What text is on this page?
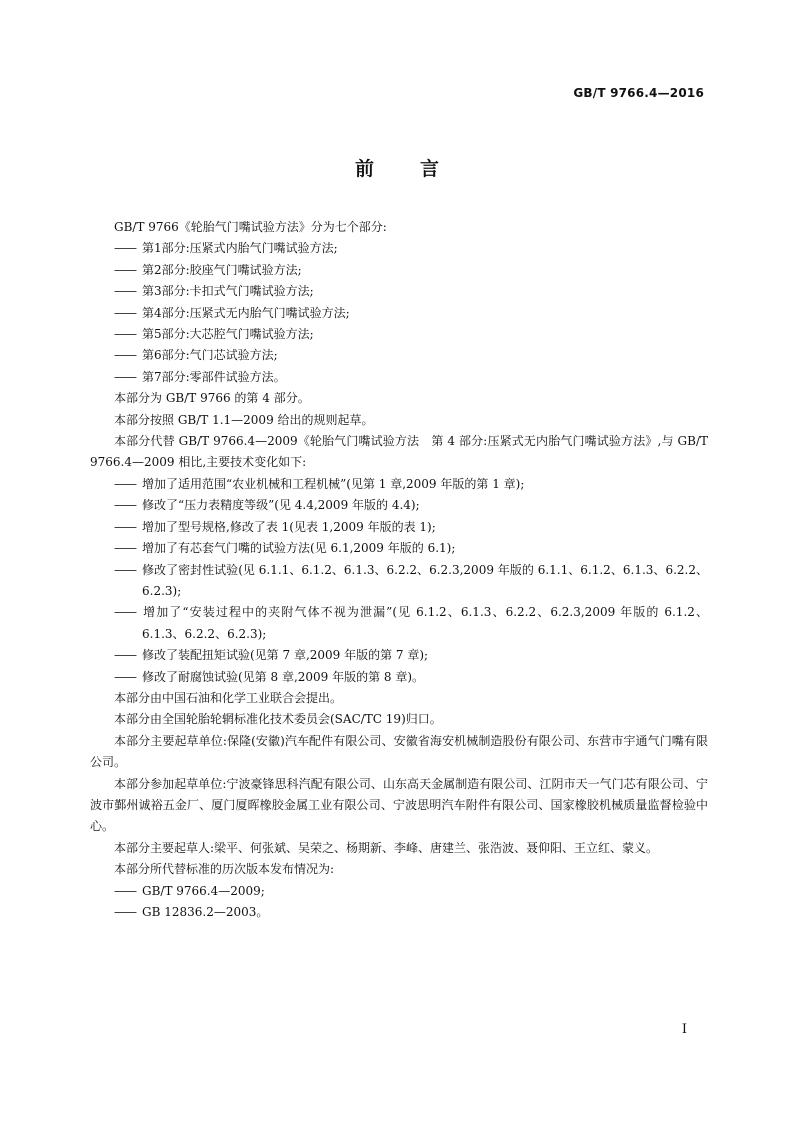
GB/T 9766.4—2016
前言
GB/T 9766《轮胎气门嘴试验方法》分为七个部分:
—— 第1部分:压紧式内胎气门嘴试验方法;
—— 第2部分:胶座气门嘴试验方法;
—— 第3部分:卡扣式气门嘴试验方法;
—— 第4部分:压紧式无内胎气门嘴试验方法;
—— 第5部分:大芯腔气门嘴试验方法;
—— 第6部分:气门芯试验方法;
—— 第7部分:零部件试验方法。
本部分为 GB/T 9766 的第 4 部分。
本部分按照 GB/T 1.1—2009 给出的规则起草。
本部分代替 GB/T 9766.4—2009《轮胎气门嘴试验方法　第 4 部分:压紧式无内胎气门嘴试验方法》,与 GB/T 9766.4—2009 相比,主要技术变化如下:
—— 增加了适用范围“农业机械和工程机械”(见第 1 章,2009 年版的第 1 章);
—— 修改了“压力表精度等级”(见 4.4,2009 年版的 4.4);
—— 增加了型号规格,修改了表 1(见表 1,2009 年版的表 1);
—— 增加了有芯套气门嘴的试验方法(见 6.1,2009 年版的 6.1);
—— 修改了密封性试验(见 6.1.1、6.1.2、6.1.3、6.2.2、6.2.3,2009 年版的 6.1.1、6.1.2、6.1.3、6.2.2、6.2.3);
—— 增加了“安装过程中的夹附气体不视为泄漏”(见 6.1.2、6.1.3、6.2.2、6.2.3,2009 年版的 6.1.2、6.1.3、6.2.2、6.2.3);
—— 修改了装配扭矩试验(见第 7 章,2009 年版的第 7 章);
—— 修改了耐腐蚀试验(见第 8 章,2009 年版的第 8 章)。
本部分由中国石油和化学工业联合会提出。
本部分由全国轮胎轮辋标准化技术委员会(SAC/TC 19)归口。
本部分主要起草单位:保隆(安徽)汽车配件有限公司、安徽省海安机械制造股份有限公司、东营市宇通气门嘴有限公司。
本部分参加起草单位:宁波豪锋思科汽配有限公司、山东高天金属制造有限公司、江阴市天一气门芯有限公司、宁波市鄞州诚裕五金厂、厦门厦晖橡胶金属工业有限公司、宁波思明汽车附件有限公司、国家橡胶机械质量监督检验中心。
本部分主要起草人:梁平、何张斌、吴荣之、杨期新、李峰、唐建兰、张浩波、聂仰阳、王立红、蒙义。
本部分所代替标准的历次版本发布情况为:
—— GB/T 9766.4—2009;
—— GB 12836.2—2003。
I
